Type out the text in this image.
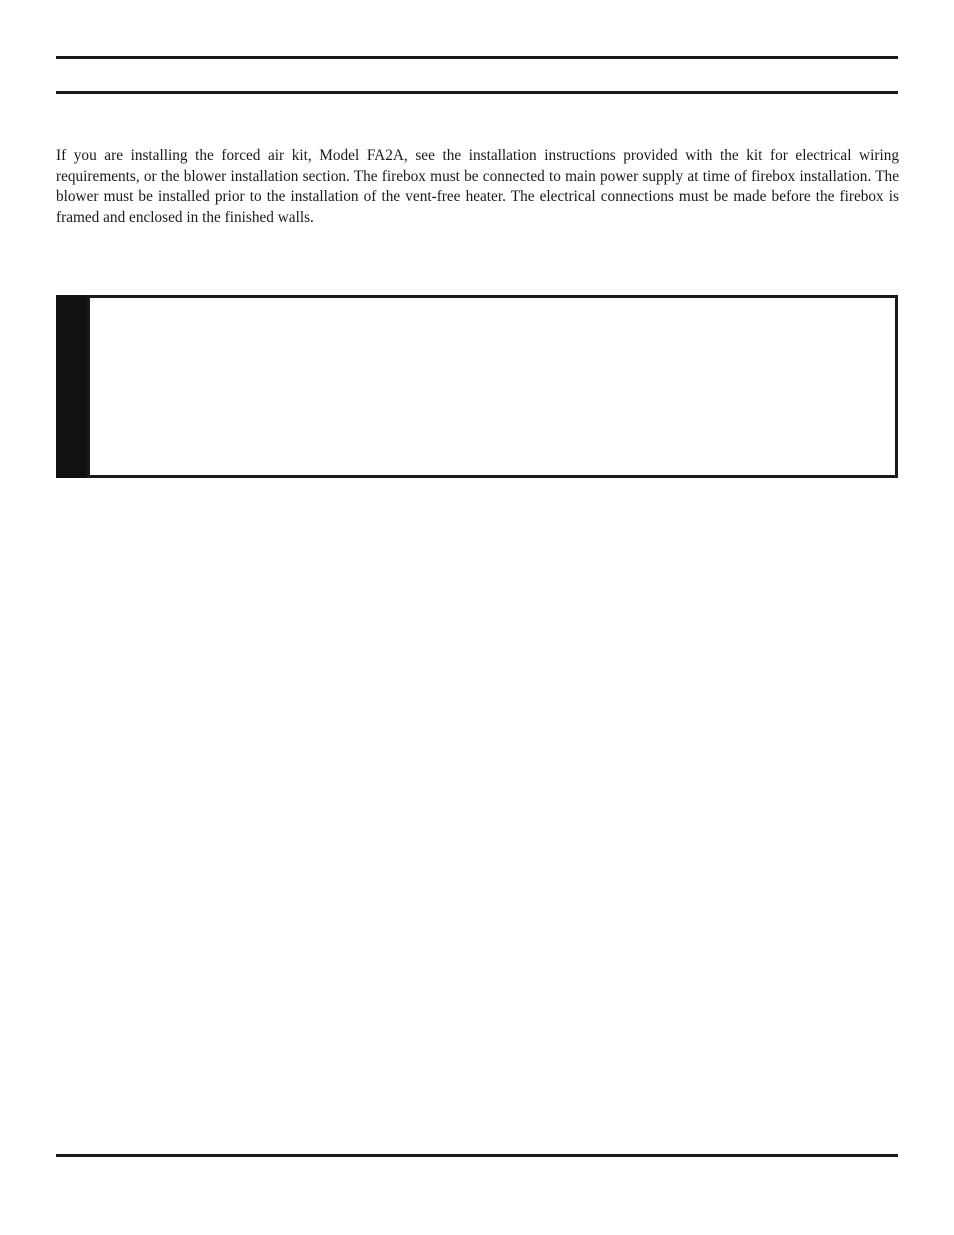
If you are installing the forced air kit, Model FA2A, see the installation instructions provided with the kit for electrical wiring requirements, or the blower installation section. The firebox must be connected to main power supply at time of firebox installation. The blower must be installed prior to the installation of the vent-free heater. The electrical connections must be made before the firebox is framed and enclosed in the finished walls.
